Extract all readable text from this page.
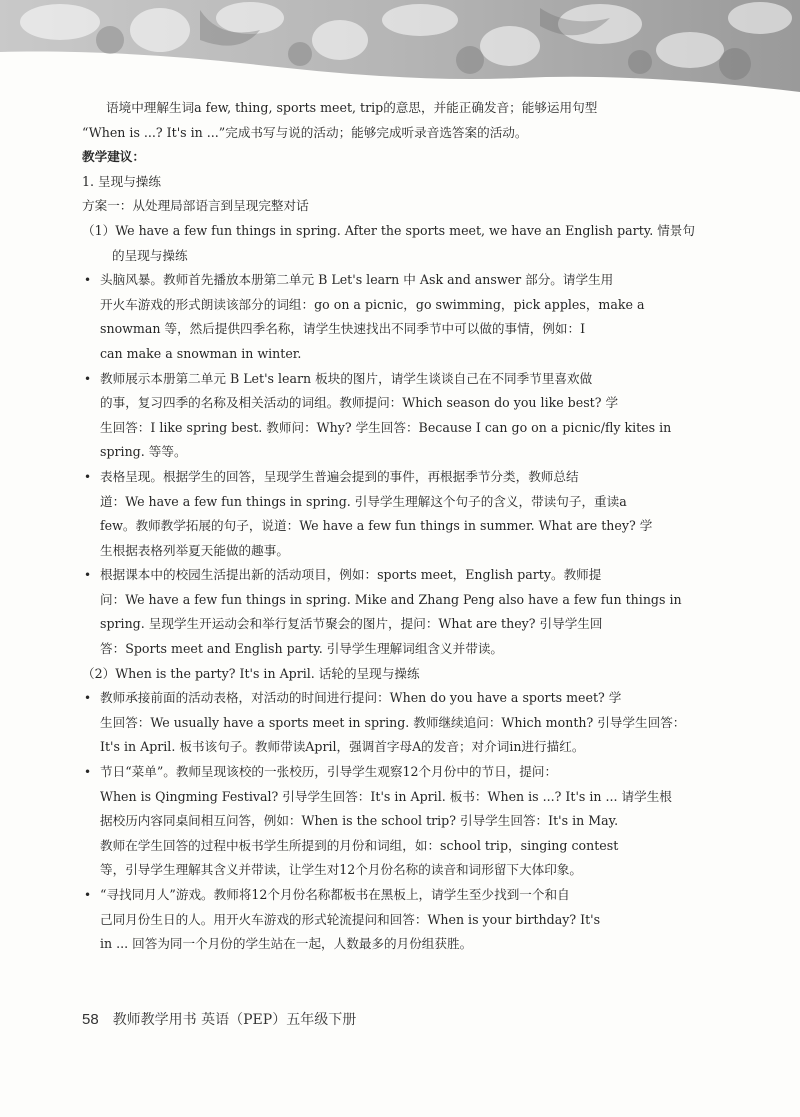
语境中理解生词a few, thing, sports meet, trip的意思，并能正确发音；能够运用句型
“When is ...? It's in ...”完成书写与说的活动；能够完成听录音选答案的活动。
教学建议：
1. 呈现与操练
方案一：从处理局部语言到呈现完整对话
（1）We have a few fun things in spring. After the sports meet, we have an English party. 情景句
的呈现与操练
• 头脑风暴。教师首先播放本册第二单元 B Let's learn 中 Ask and answer 部分。请学生用
开火车游戏的形式朗读该部分的词组：go on a picnic，go swimming，pick apples，make a
snowman 等，然后提供四季名称，请学生快速找出不同季节中可以做的事情，例如：I
can make a snowman in winter.
• 教师展示本册第二单元 B Let's learn 板块的图片，请学生谈谈自己在不同季节里喜欢做
的事，复习四季的名称及相关活动的词组。教师提问：Which season do you like best? 学
生回答：I like spring best. 教师问：Why? 学生回答：Because I can go on a picnic/fly kites in
spring. 等等。
• 表格呈现。根据学生的回答，呈现学生普遍会提到的事件，再根据季节分类，教师总结
道：We have a few fun things in spring. 引导学生理解这个句子的含义，带读句子，重读a
few。教师教学拓展的句子，说道：We have a few fun things in summer. What are they? 学
生根据表格列举夏天能做的趣事。
• 根据课本中的校园生活提出新的活动项目，例如：sports meet，English party。教师提
问：We have a few fun things in spring. Mike and Zhang Peng also have a few fun things in
spring. 呈现学生开运动会和举行复活节聚会的图片，提问：What are they? 引导学生回
答：Sports meet and English party. 引导学生理解词组含义并带读。
（2）When is the party? It's in April. 话轮的呈现与操练
• 教师承接前面的活动表格，对活动的时间进行提问：When do you have a sports meet? 学
生回答：We usually have a sports meet in spring. 教师继续追问：Which month? 引导学生回答：
It's in April. 板书该句子。教师带读April，强调首字母A的发音；对介词in进行描红。
• 节日“菜单”。教师呈现该校的一张校历，引导学生观察12个月份中的节日，提问：
When is Qingming Festival? 引导学生回答：It's in April. 板书：When is ...? It's in ... 请学生根
据校历内容同桌间相互问答，例如：When is the school trip? 引导学生回答：It's in May.
教师在学生回答的过程中板书学生所提到的月份和词组，如：school trip，singing contest
等，引导学生理解其含义并带读，让学生对12个月份名称的读音和词形留下大体印象。
• “寻找同月人”游戏。教师将12个月份名称都板书在黑板上，请学生至少找到一个和自
己同月份生日的人。用开火车游戏的形式轮流提问和回答：When is your birthday? It's
in ... 回答为同一个月份的学生站在一起，人数最多的月份组获胜。
58 教师教学用书 英语（PEP）五年级下册
